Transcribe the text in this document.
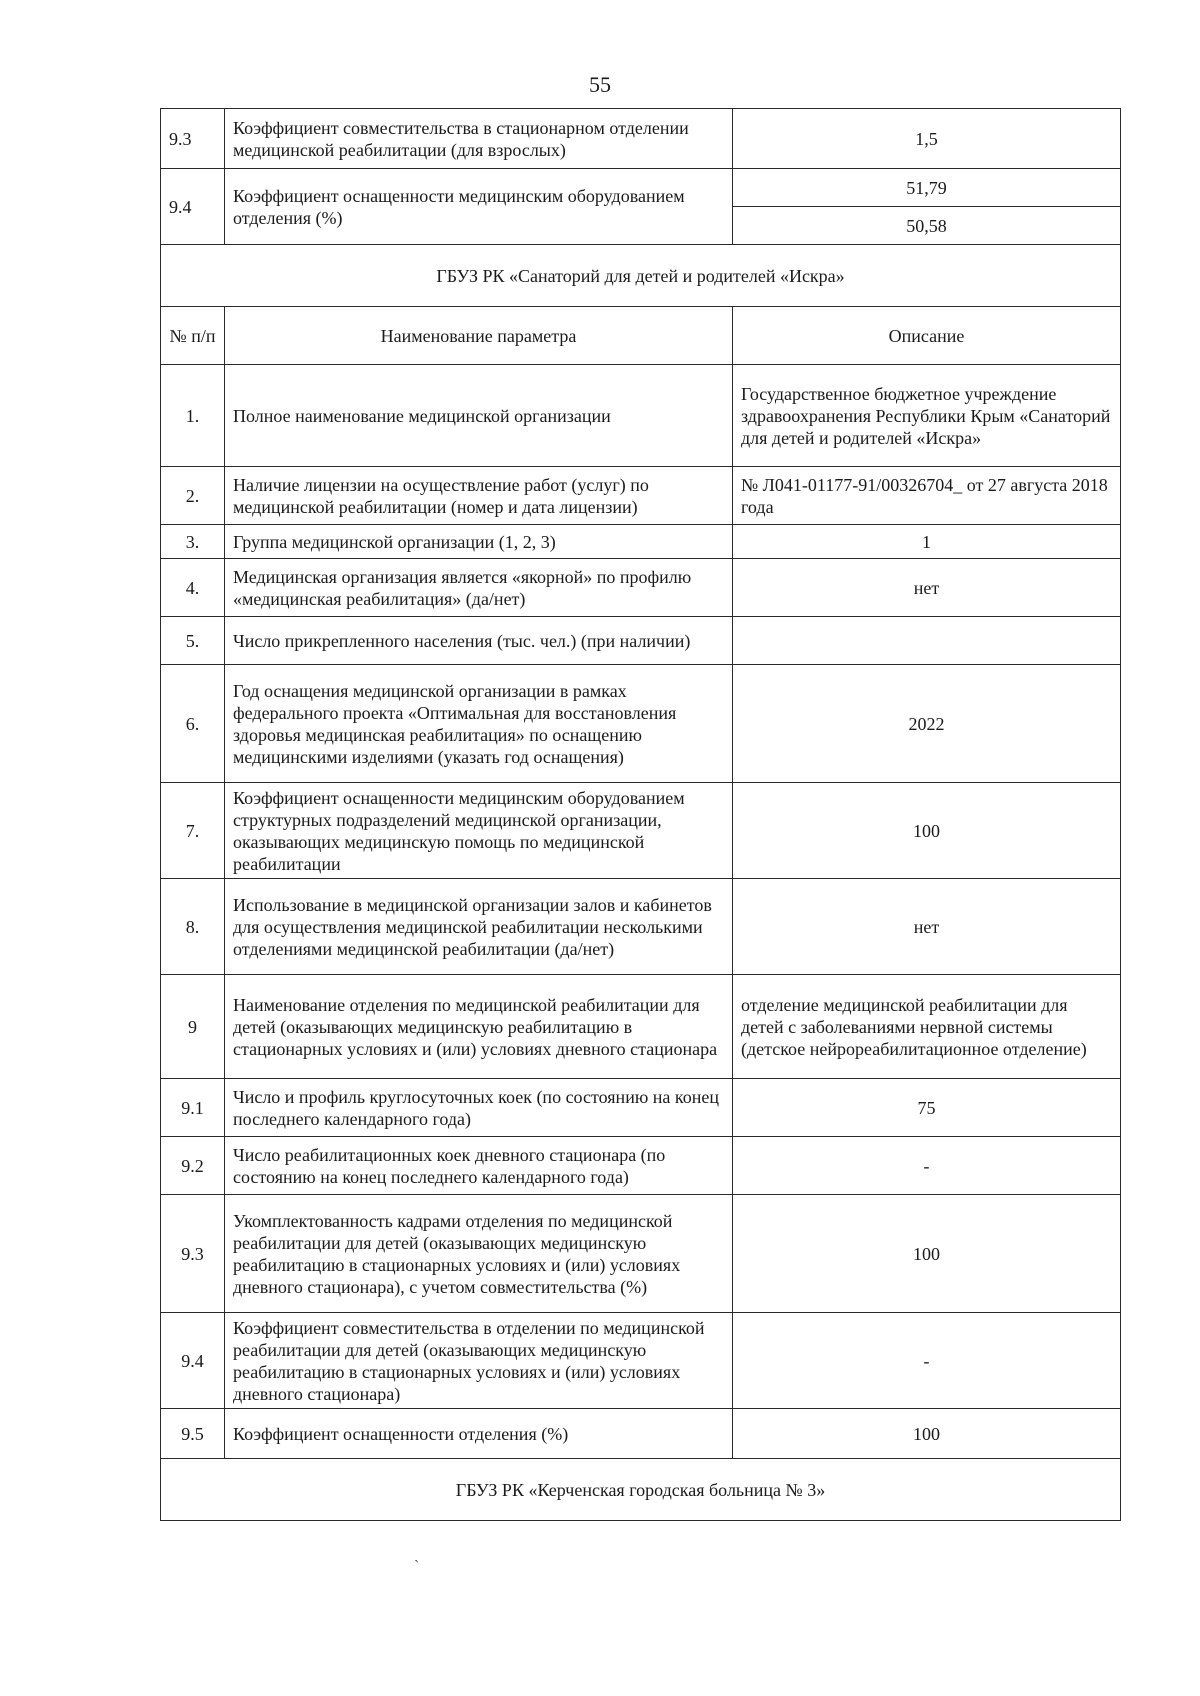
55
9.3	Коэффициент совместительства в стационарном отделении медицинской реабилитации (для взрослых)	1,5
9.4	Коэффициент оснащенности медицинским оборудованием отделения (%)	51,79
		50,58
ГБУЗ РК «Санаторий для детей и родителей «Искра»		
№ п/п	Наименование параметра	Описание
1.	Полное наименование медицинской организации	Государственное бюджетное учреждение здравоохранения Республики Крым «Санаторий для детей и родителей «Искра»
2.	Наличие лицензии на осуществление работ (услуг) по медицинской реабилитации (номер и дата лицензии)	№ Л041-01177-91/00326704_ от 27 августа 2018 года
3.	Группа медицинской организации (1, 2, 3)	1
4.	Медицинская организация является «якорной» по профилю «медицинская реабилитация» (да/нет)	нет
5.	Число прикрепленного населения (тыс. чел.) (при наличии)	
6.	Год оснащения медицинской организации в рамках федерального проекта «Оптимальная для восстановления здоровья медицинская реабилитация» по оснащению медицинскими изделиями (указать год оснащения)	2022
7.	Коэффициент оснащенности медицинским оборудованием структурных подразделений медицинской организации, оказывающих медицинскую помощь по медицинской реабилитации	100
8.	Использование в медицинской организации залов и кабинетов для осуществления медицинской реабилитации несколькими отделениями медицинской реабилитации (да/нет)	нет
9	Наименование отделения по медицинской реабилитации для детей (оказывающих медицинскую реабилитацию в стационарных условиях и (или) условиях дневного стационара	отделение медицинской реабилитации для детей с заболеваниями нервной системы (детское нейрореабилитационное отделение)
9.1	Число и профиль круглосуточных коек (по состоянию на конец последнего календарного года)	75
9.2	Число реабилитационных коек дневного стационара (по состоянию на конец последнего календарного года)	-
9.3	Укомплектованность кадрами отделения по медицинской реабилитации для детей (оказывающих медицинскую реабилитацию в стационарных условиях и (или) условиях дневного стационара), с учетом совместительства (%)	100
9.4	Коэффициент совместительства в отделении по медицинской реабилитации для детей (оказывающих медицинскую реабилитацию в стационарных условиях и (или) условиях дневного стационара)	-
9.5	Коэффициент оснащенности отделения (%)	100
ГБУЗ РК «Керченская городская больница № 3»		
`
